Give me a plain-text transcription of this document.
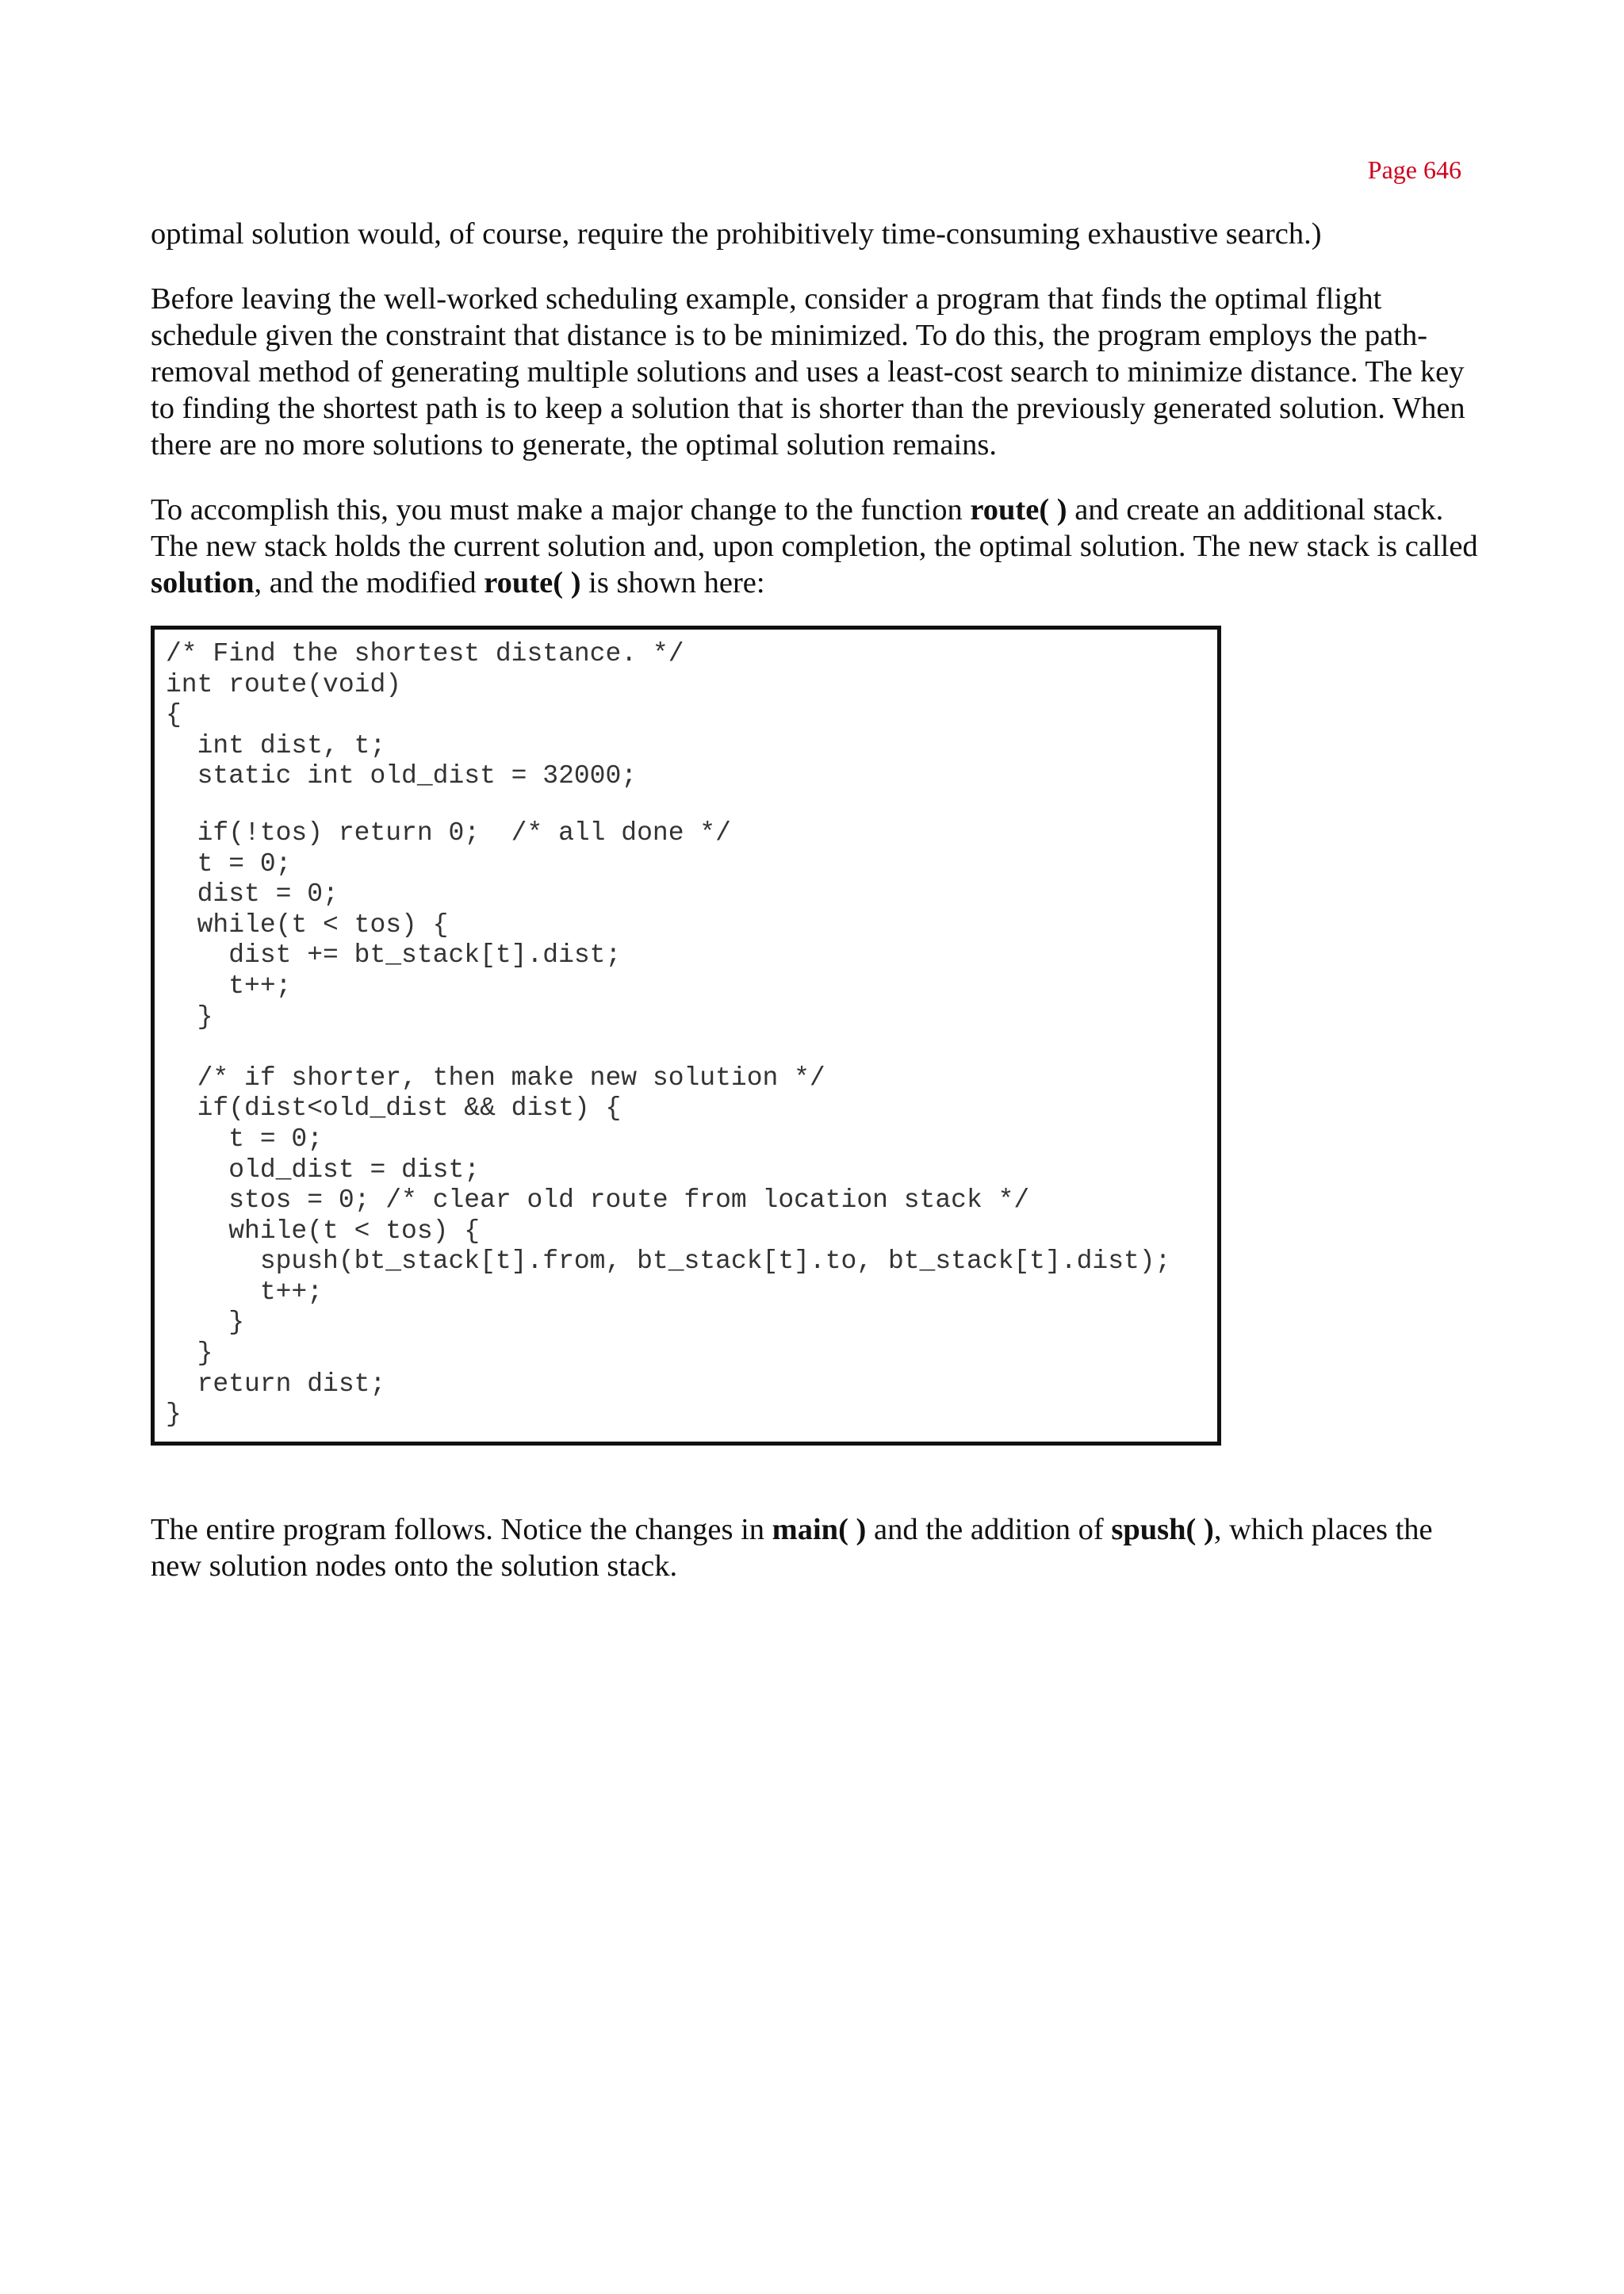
Page 646

optimal solution would, of course, require the prohibitively time-consuming exhaustive search.)

Before leaving the well-worked scheduling example, consider a program that finds the optimal flight schedule given the constraint that distance is to be minimized. To do this, the program employs the path-removal method of generating multiple solutions and uses a least-cost search to minimize distance. The key to finding the shortest path is to keep a solution that is shorter than the previously generated solution. When there are no more solutions to generate, the optimal solution remains.

To accomplish this, you must make a major change to the function route( ) and create an additional stack. The new stack holds the current solution and, upon completion, the optimal solution. The new stack is called solution, and the modified route( ) is shown here:

/* Find the shortest distance. */
int route(void)
{
int dist, t;
static int old_dist = 32000;
if(!tos) return 0;  /* all done */
t = 0;
dist = 0;
while(t < tos) {
dist += bt_stack[t].dist;
t++;
}
/* if shorter, then make new solution */
if(dist<old_dist && dist) {
t = 0;
old_dist = dist;
stos = 0; /* clear old route from location stack */
while(t < tos) {
spush(bt_stack[t].from, bt_stack[t].to, bt_stack[t].dist);
t++;
}
}
return dist;
}

The entire program follows. Notice the changes in main( ) and the addition of spush( ), which places the new solution nodes onto the solution stack.
